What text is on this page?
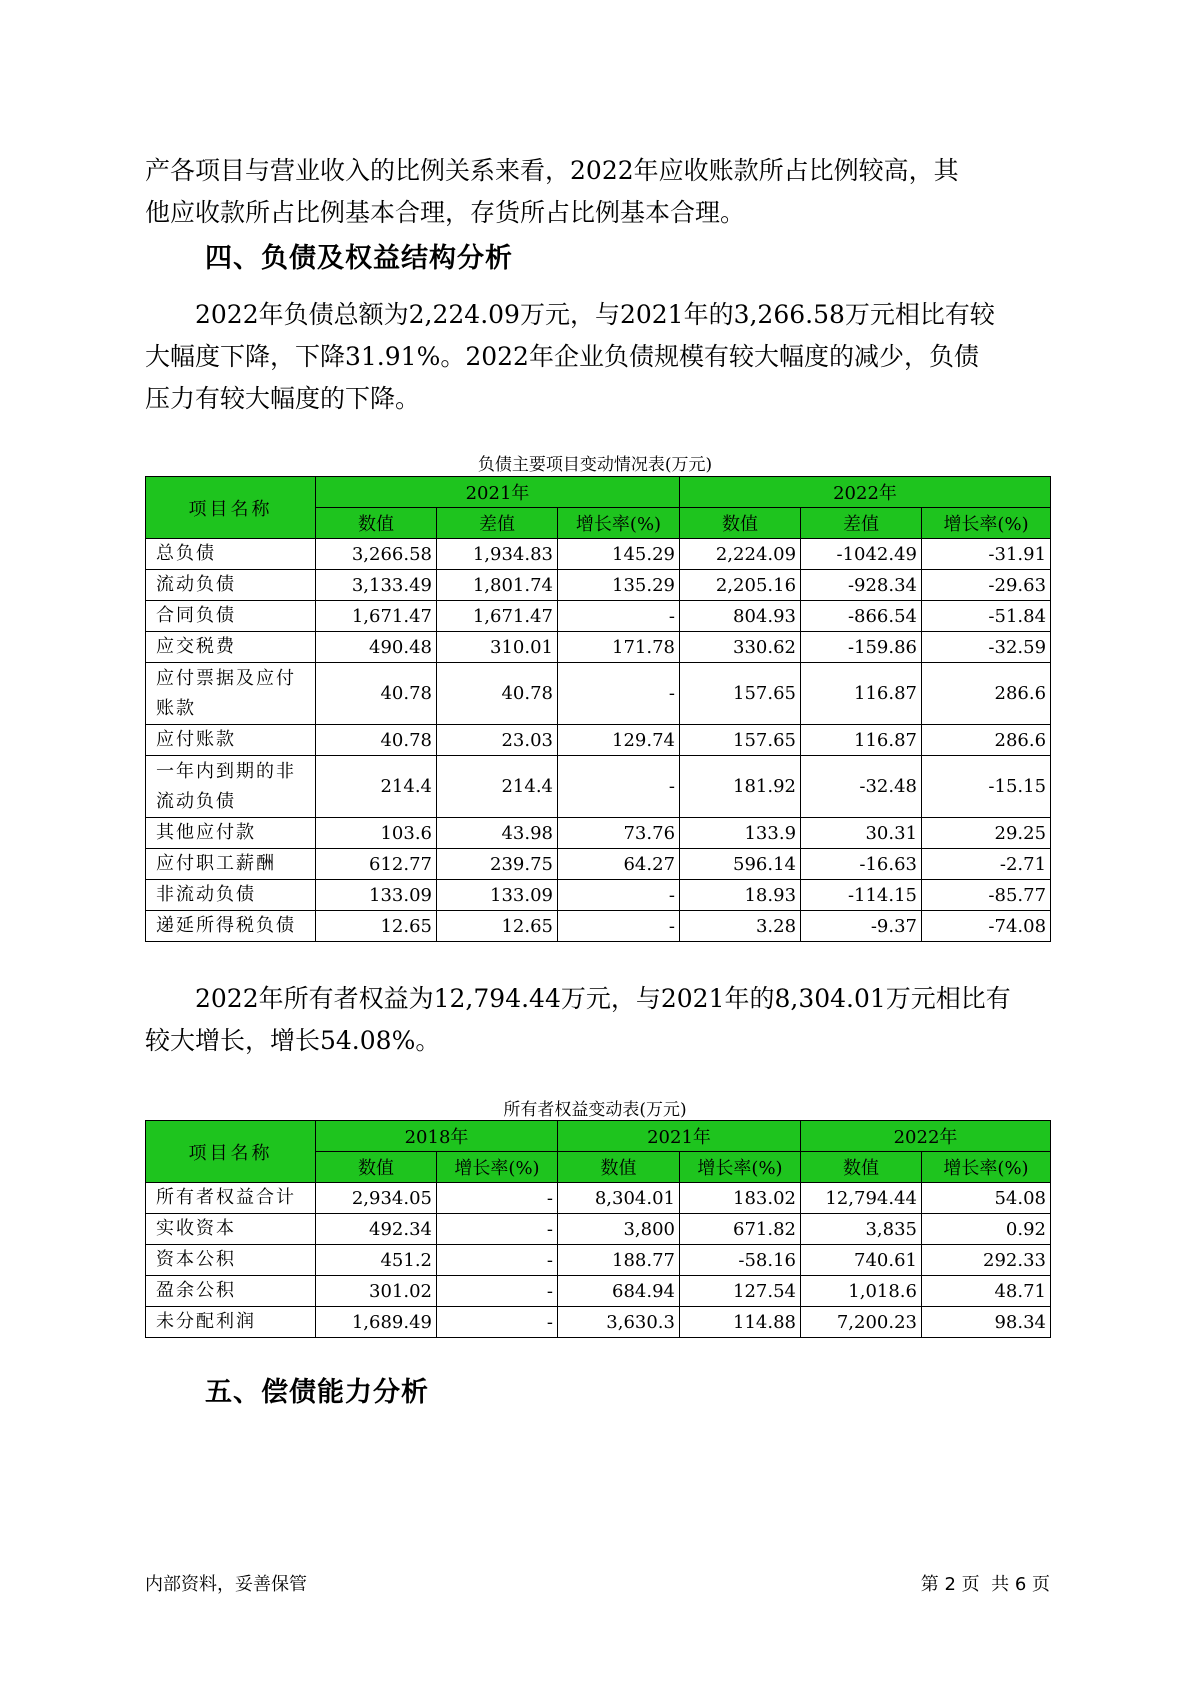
产各项目与营业收入的比例关系来看，2022年应收账款所占比例较高，其
他应收款所占比例基本合理，存货所占比例基本合理。
四、负债及权益结构分析
2022年负债总额为2,224.09万元，与2021年的3,266.58万元相比有较
大幅度下降，下降31.91%。2022年企业负债规模有较大幅度的减少，负债
压力有较大幅度的下降。
负债主要项目变动情况表(万元)
项目名称	2021年			2022年		
	数值	差值	增长率(%)	数值	差值	增长率(%)
总负债	3,266.58	1,934.83	145.29	2,224.09	-1042.49	-31.91
流动负债	3,133.49	1,801.74	135.29	2,205.16	-928.34	-29.63
合同负债	1,671.47	1,671.47	-	804.93	-866.54	-51.84
应交税费	490.48	310.01	171.78	330.62	-159.86	-32.59
应付票据及应付账款	40.78	40.78	-	157.65	116.87	286.6
应付账款	40.78	23.03	129.74	157.65	116.87	286.6
一年内到期的非流动负债	214.4	214.4	-	181.92	-32.48	-15.15
其他应付款	103.6	43.98	73.76	133.9	30.31	29.25
应付职工薪酬	612.77	239.75	64.27	596.14	-16.63	-2.71
非流动负债	133.09	133.09	-	18.93	-114.15	-85.77
递延所得税负债	12.65	12.65	-	3.28	-9.37	-74.08
2022年所有者权益为12,794.44万元，与2021年的8,304.01万元相比有
较大增长，增长54.08%。
所有者权益变动表(万元)
项目名称	2018年		2021年		2022年	
	数值	增长率(%)	数值	增长率(%)	数值	增长率(%)
所有者权益合计	2,934.05	-	8,304.01	183.02	12,794.44	54.08
实收资本	492.34	-	3,800	671.82	3,835	0.92
资本公积	451.2	-	188.77	-58.16	740.61	292.33
盈余公积	301.02	-	684.94	127.54	1,018.6	48.71
未分配利润	1,689.49	-	3,630.3	114.88	7,200.23	98.34
五、偿债能力分析
内部资料，妥善保管	第 2 页  共 6 页
